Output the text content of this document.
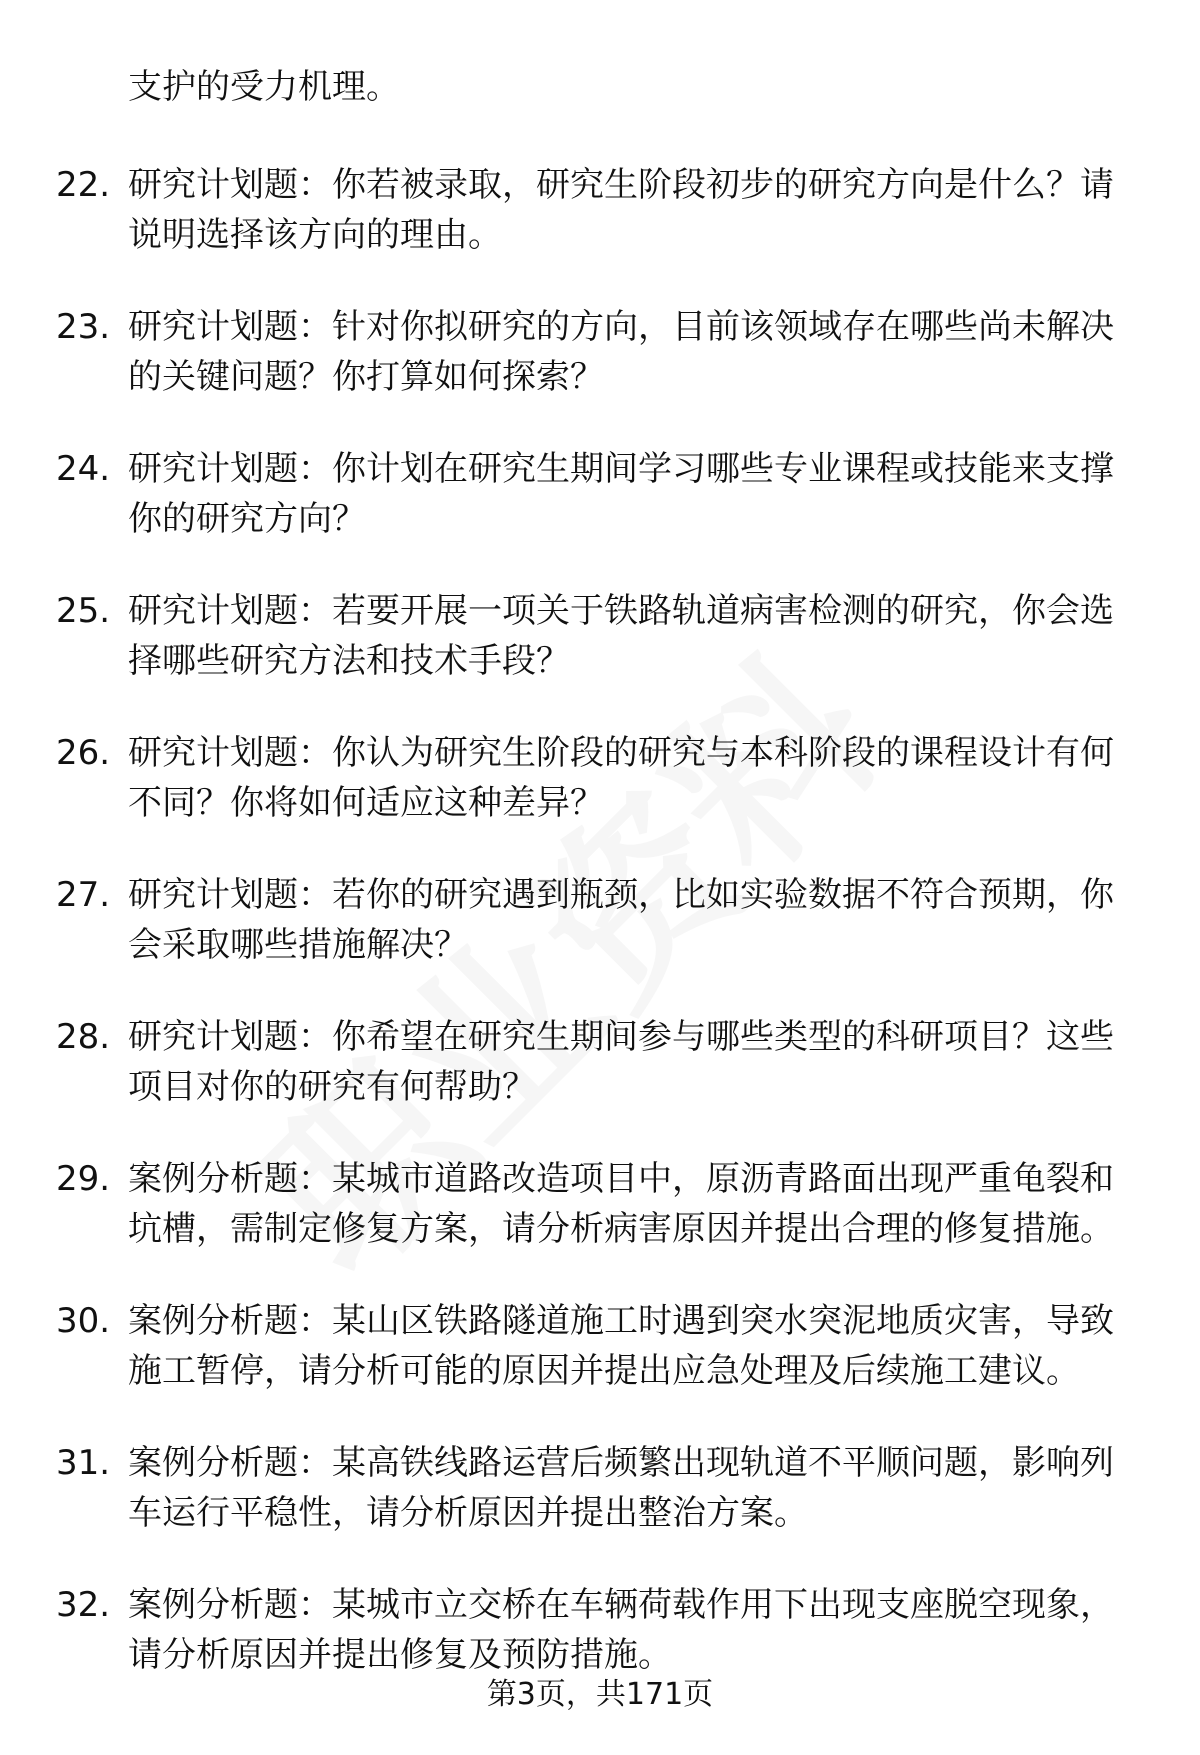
支护的受力机理。
22. 研究计划题：你若被录取，研究生阶段初步的研究方向是什么？请说明选择该方向的理由。
23. 研究计划题：针对你拟研究的方向，目前该领域存在哪些尚未解决的关键问题？你打算如何探索？
24. 研究计划题：你计划在研究生期间学习哪些专业课程或技能来支撑你的研究方向？
25. 研究计划题：若要开展一项关于铁路轨道病害检测的研究，你会选择哪些研究方法和技术手段？
26. 研究计划题：你认为研究生阶段的研究与本科阶段的课程设计有何不同？你将如何适应这种差异？
27. 研究计划题：若你的研究遇到瓶颈，比如实验数据不符合预期，你会采取哪些措施解决？
28. 研究计划题：你希望在研究生期间参与哪些类型的科研项目？这些项目对你的研究有何帮助？
29. 案例分析题：某城市道路改造项目中，原沥青路面出现严重龟裂和坑槽，需制定修复方案，请分析病害原因并提出合理的修复措施。
30. 案例分析题：某山区铁路隧道施工时遇到突水突泥地质灾害，导致施工暂停，请分析可能的原因并提出应急处理及后续施工建议。
31. 案例分析题：某高铁线路运营后频繁出现轨道不平顺问题，影响列车运行平稳性，请分析原因并提出整治方案。
32. 案例分析题：某城市立交桥在车辆荷载作用下出现支座脱空现象，请分析原因并提出修复及预防措施。
第3页，共171页
